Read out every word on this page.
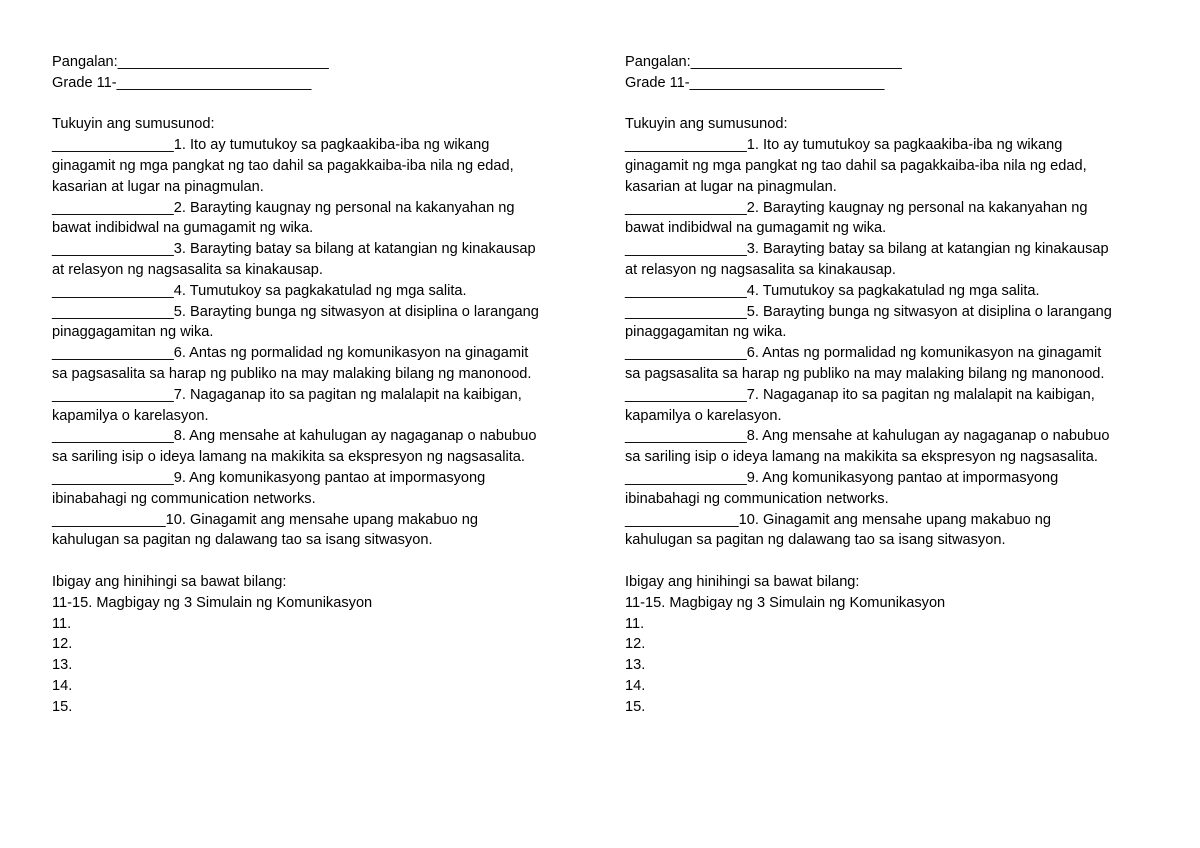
Pangalan:__________________________
Grade 11-________________________
Tukuyin ang sumusunod:
_______________1. Ito ay tumutukoy sa pagkaakiba-iba ng wikang
ginagamit ng mga pangkat ng tao dahil sa pagakkaiba-iba nila ng edad,
kasarian at lugar na pinagmulan.
_______________2. Barayting kaugnay ng personal na kakanyahan ng
bawat indibidwal na gumagamit ng wika.
_______________3. Barayting batay sa bilang at katangian ng kinakausap
at relasyon ng nagsasalita sa kinakausap.
_______________4. Tumutukoy sa pagkakatulad ng mga salita.
_______________5. Barayting bunga ng sitwasyon at disiplina o larangang
pinaggagamitan ng wika.
_______________6. Antas ng pormalidad ng komunikasyon na ginagamit
sa pagsasalita sa harap ng publiko na may malaking bilang ng manonood.
_______________7. Nagaganap ito sa pagitan ng malalapit na kaibigan,
kapamilya o karelasyon.
_______________8. Ang mensahe at kahulugan ay nagaganap o nabubuo
sa sariling isip o ideya lamang na makikita sa ekspresyon ng nagsasalita.
_______________9. Ang komunikasyong pantao at impormasyong
ibinabahagi ng communication networks.
______________10. Ginagamit ang mensahe upang makabuo ng
kahulugan sa pagitan ng dalawang tao sa isang sitwasyon.
Ibigay ang hinihingi sa bawat bilang:
11-15. Magbigay ng 3 Simulain ng Komunikasyon
11.
12.
13.
14.
15.
Pangalan:__________________________
Grade 11-________________________
Tukuyin ang sumusunod:
_______________1. Ito ay tumutukoy sa pagkaakiba-iba ng wikang
ginagamit ng mga pangkat ng tao dahil sa pagakkaiba-iba nila ng edad,
kasarian at lugar na pinagmulan.
_______________2. Barayting kaugnay ng personal na kakanyahan ng
bawat indibidwal na gumagamit ng wika.
_______________3. Barayting batay sa bilang at katangian ng kinakausap
at relasyon ng nagsasalita sa kinakausap.
_______________4. Tumutukoy sa pagkakatulad ng mga salita.
_______________5. Barayting bunga ng sitwasyon at disiplina o larangang
pinaggagamitan ng wika.
_______________6. Antas ng pormalidad ng komunikasyon na ginagamit
sa pagsasalita sa harap ng publiko na may malaking bilang ng manonood.
_______________7. Nagaganap ito sa pagitan ng malalapit na kaibigan,
kapamilya o karelasyon.
_______________8. Ang mensahe at kahulugan ay nagaganap o nabubuo
sa sariling isip o ideya lamang na makikita sa ekspresyon ng nagsasalita.
_______________9. Ang komunikasyong pantao at impormasyong
ibinabahagi ng communication networks.
______________10. Ginagamit ang mensahe upang makabuo ng
kahulugan sa pagitan ng dalawang tao sa isang sitwasyon.
Ibigay ang hinihingi sa bawat bilang:
11-15. Magbigay ng 3 Simulain ng Komunikasyon
11.
12.
13.
14.
15.
